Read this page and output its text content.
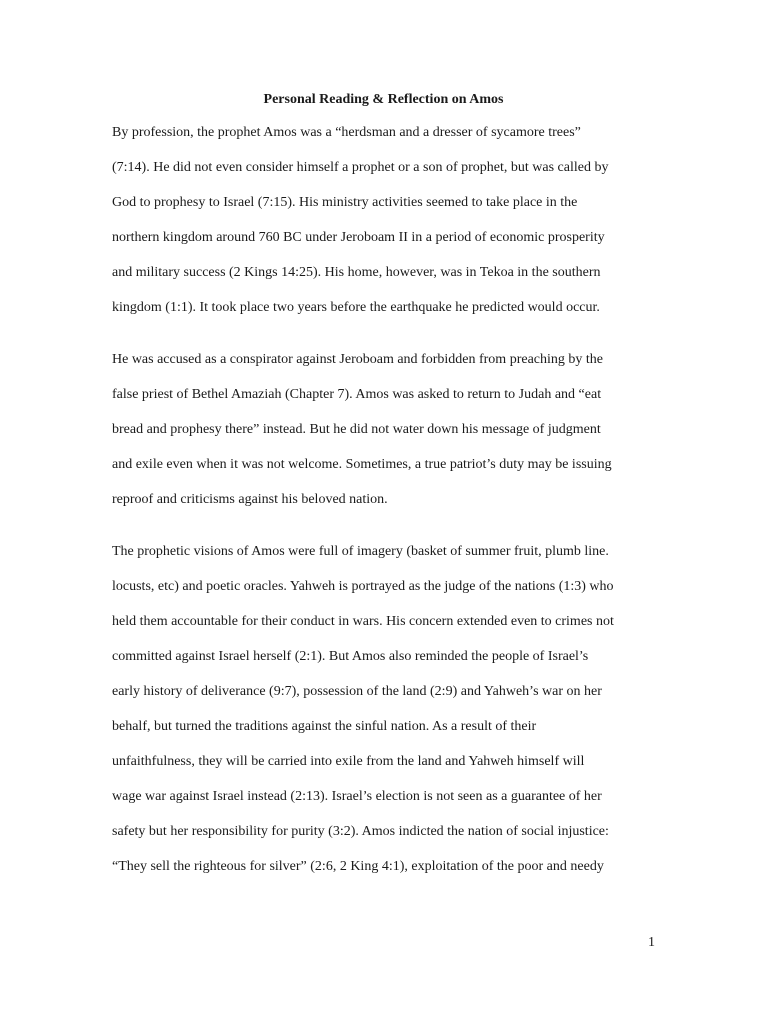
Personal Reading & Reflection on Amos

By profession, the prophet Amos was a “herdsman and a dresser of sycamore trees”
(7:14). He did not even consider himself a prophet or a son of prophet, but was called by
God to prophesy to Israel (7:15). His ministry activities seemed to take place in the
northern kingdom around 760 BC under Jeroboam II in a period of economic prosperity
and military success (2 Kings 14:25). His home, however, was in Tekoa in the southern
kingdom (1:1). It took place two years before the earthquake he predicted would occur.

He was accused as a conspirator against Jeroboam and forbidden from preaching by the
false priest of Bethel Amaziah (Chapter 7). Amos was asked to return to Judah and “eat
bread and prophesy there” instead. But he did not water down his message of judgment
and exile even when it was not welcome. Sometimes, a true patriot’s duty may be issuing
reproof and criticisms against his beloved nation.

The prophetic visions of Amos were full of imagery (basket of summer fruit, plumb line.
locusts, etc) and poetic oracles. Yahweh is portrayed as the judge of the nations (1:3) who
held them accountable for their conduct in wars. His concern extended even to crimes not
committed against Israel herself (2:1). But Amos also reminded the people of Israel’s
early history of deliverance (9:7), possession of the land (2:9) and Yahweh’s war on her
behalf, but turned the traditions against the sinful nation. As a result of their
unfaithfulness, they will be carried into exile from the land and Yahweh himself will
wage war against Israel instead (2:13). Israel’s election is not seen as a guarantee of her
safety but her responsibility for purity (3:2). Amos indicted the nation of social injustice:
“They sell the righteous for silver” (2:6, 2 King 4:1), exploitation of the poor and needy

1
